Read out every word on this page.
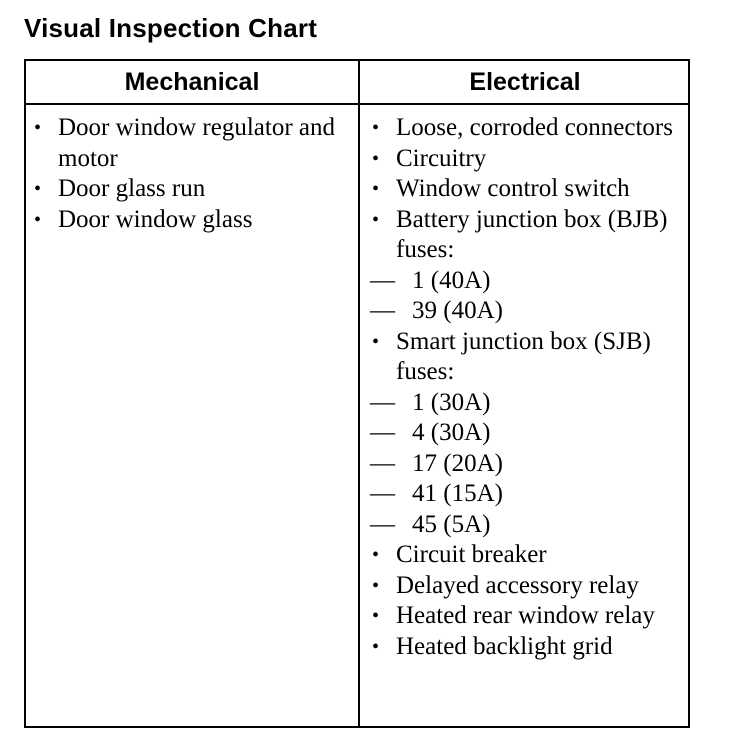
Visual Inspection Chart
Mechanical	Electrical
• Door window regulator and motor
• Door glass run
• Door window glass
• Loose, corroded connectors
• Circuitry
• Window control switch
• Battery junction box (BJB) fuses:
— 1 (40A)
— 39 (40A)
• Smart junction box (SJB) fuses:
— 1 (30A)
— 4 (30A)
— 17 (20A)
— 41 (15A)
— 45 (5A)
• Circuit breaker
• Delayed accessory relay
• Heated rear window relay
• Heated backlight grid
